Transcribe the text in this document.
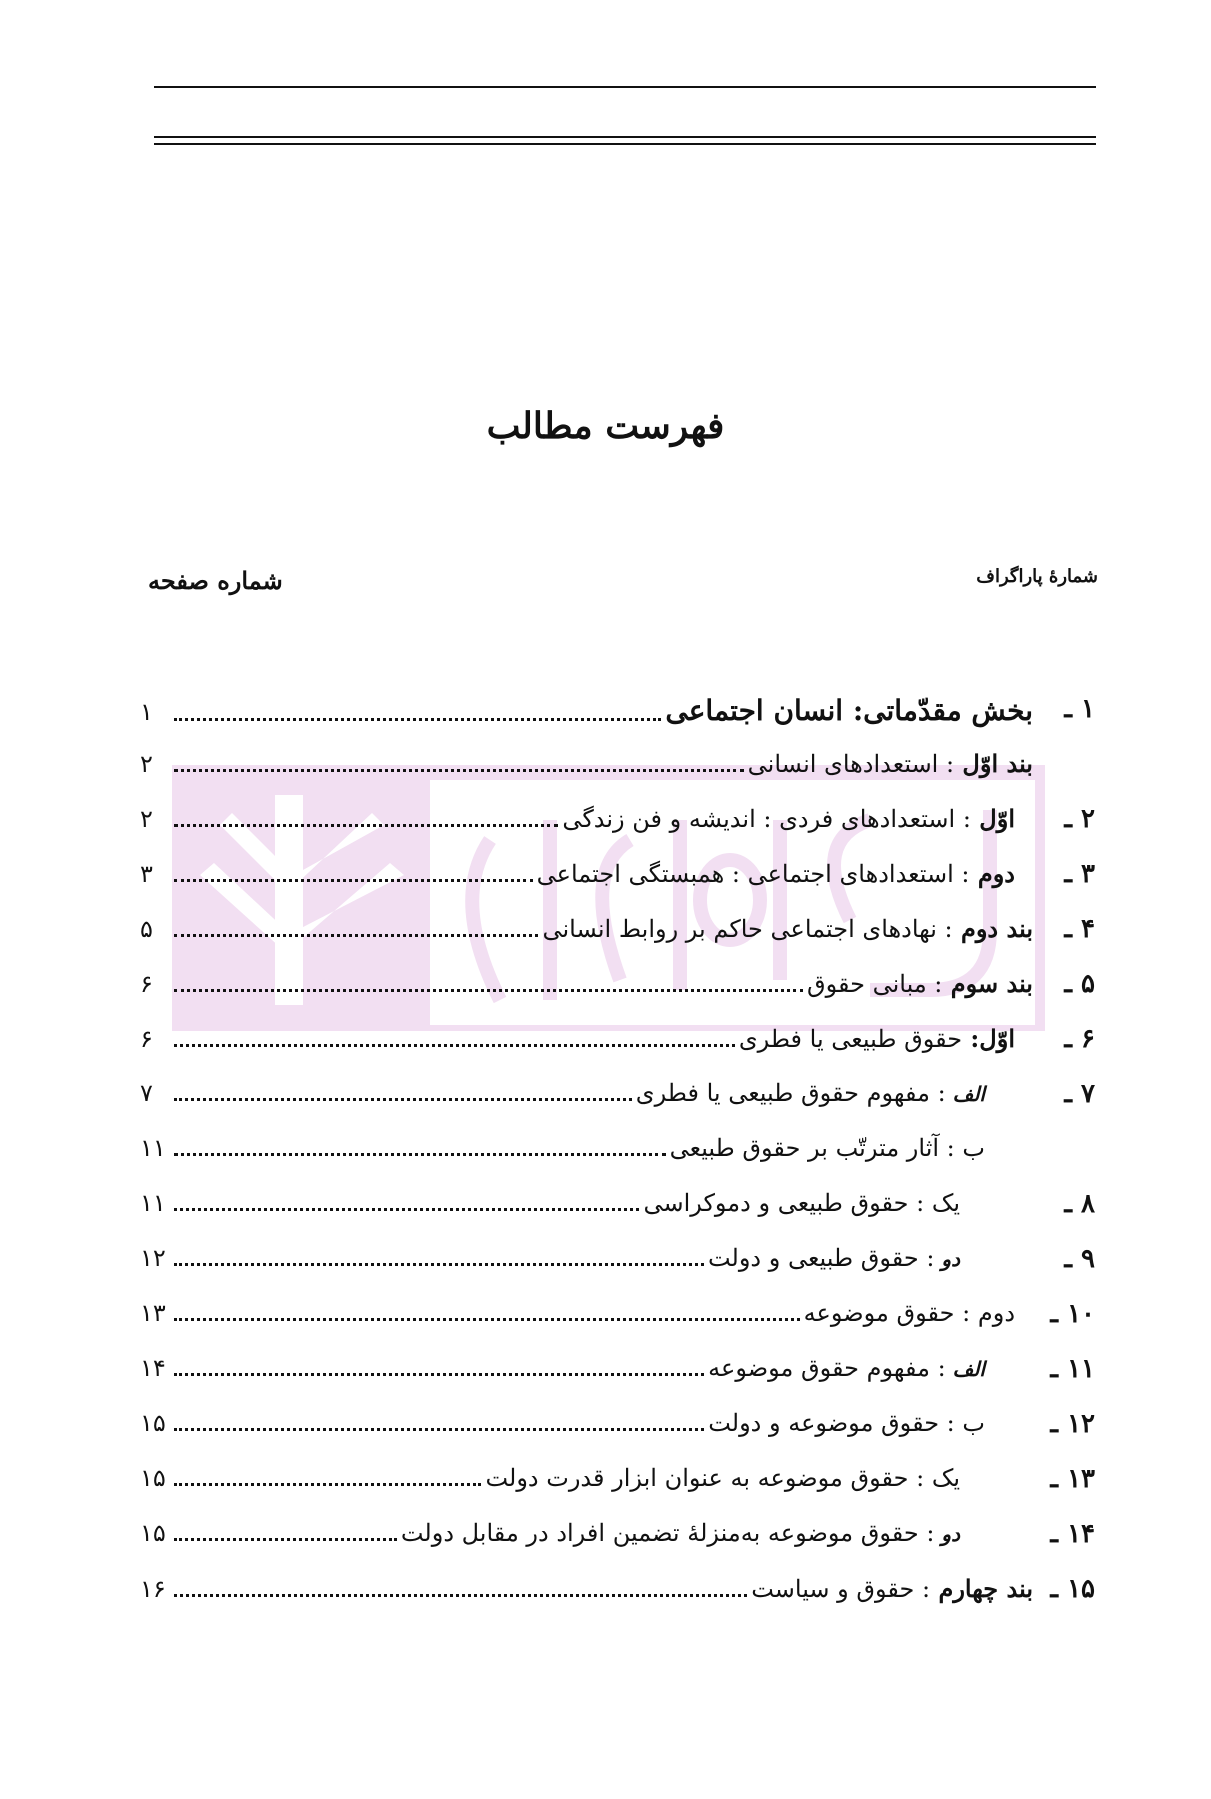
فهرست مطالب
شمارهٔ پاراگراف
شماره صفحه
۱ ـ
بخش مقدّماتی: انسان اجتماعی
۱
بند اوّل : استعدادهای انسانی
۲
۲ ـ
اوّل : استعدادهای فردی : اندیشه و فن زندگی
۲
۳ ـ
دوم : استعدادهای اجتماعی : همبستگی اجتماعی
۳
۴ ـ
بند دوم : نهادهای اجتماعی حاکم بر روابط انسانی
۵
۵ ـ
بند سوم : مبانی حقوق
۶
۶ ـ
اوّل: حقوق طبیعی یا فطری
۶
۷ ـ
الف : مفهوم حقوق طبیعی یا فطری
۷
ب : آثار مترتّب بر حقوق طبیعی
۱۱
۸ ـ
یک : حقوق طبیعی و دموکراسی
۱۱
۹ ـ
دو : حقوق طبیعی و دولت
۱۲
۱۰ ـ
دوم : حقوق موضوعه
۱۳
۱۱ ـ
الف : مفهوم حقوق موضوعه
۱۴
۱۲ ـ
ب : حقوق موضوعه و دولت
۱۵
۱۳ ـ
یک : حقوق موضوعه به عنوان ابزار قدرت دولت
۱۵
۱۴ ـ
دو : حقوق موضوعه به‌منزلهٔ تضمین افراد در مقابل دولت
۱۵
۱۵ ـ
بند چهارم : حقوق و سیاست
۱۶
